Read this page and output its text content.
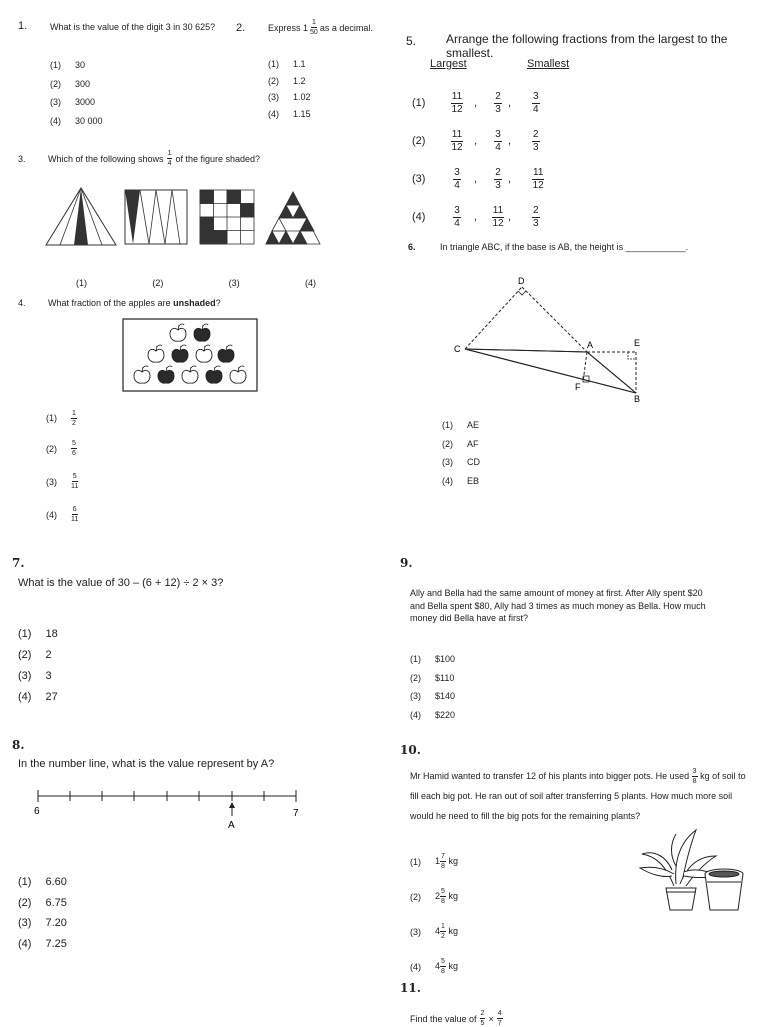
1.	What is the value of the digit 3 in 30 625?
(1) 30
(2) 300
(3) 3000
(4) 30 000
2.	Express 1 1
50 as a decimal.
(1) 1.1
(2) 1.2
(3) 1.02
(4) 1.15
3. Which of the following shows 1
4 of the figure shaded?
(1)	(2)	(3)	(4)
4. What fraction of the apples are unshaded?
(1) 1
2
(2) 5
6
(3) 5
11
(4) 6
11
5. Arrange the following fractions from the largest to the smallest.
Largest	Smallest
(1)
11
12 ,
2
3 ,
3
4
(2)
11
12 ,
3
4 ,
2
3
(3)
3
4 ,
2
3 ,
11
12
(4)
3
4 ,
11
12 ,
2
3
6.	In triangle ABC, if the base is AB, the height is ____________.
D
C	A	E
F
B
(1) AE
(2) AF
(3) CD
(4) EB
7.
What is the value of 30 – (6 + 12) ÷ 2 × 3?
(1) 18
(2) 2
(3) 3
(4) 27
8.
In the number line, what is the value represent by A?
6	7
A
(1) 6.60
(2) 6.75
(3) 7.20
(4) 7.25
9.
Ally and Bella had the same amount of money at first. After Ally spent $20 and Bella spent $80, Ally had 3 times as much money as Bella. How much money did Bella have at first?
(1) $100
(2) $110
(3) $140
(4) $220
10.
Mr Hamid wanted to transfer 12 of his plants into bigger pots. He used $\frac{3}{8}$ kg of soil to fill each big pot. He ran out of soil after transferring 5 plants. How much more soil would he need to fill the big pots for the remaining plants?
(1) $1 \frac{7}{8}$ kg
(2) $2 \frac{5}{8}$ kg
(3) $4 \frac{1}{2}$ kg
(4) $4 \frac{5}{8}$ kg
11.
Find the value of $\frac{2}{5} \times \frac{4}{7}$
